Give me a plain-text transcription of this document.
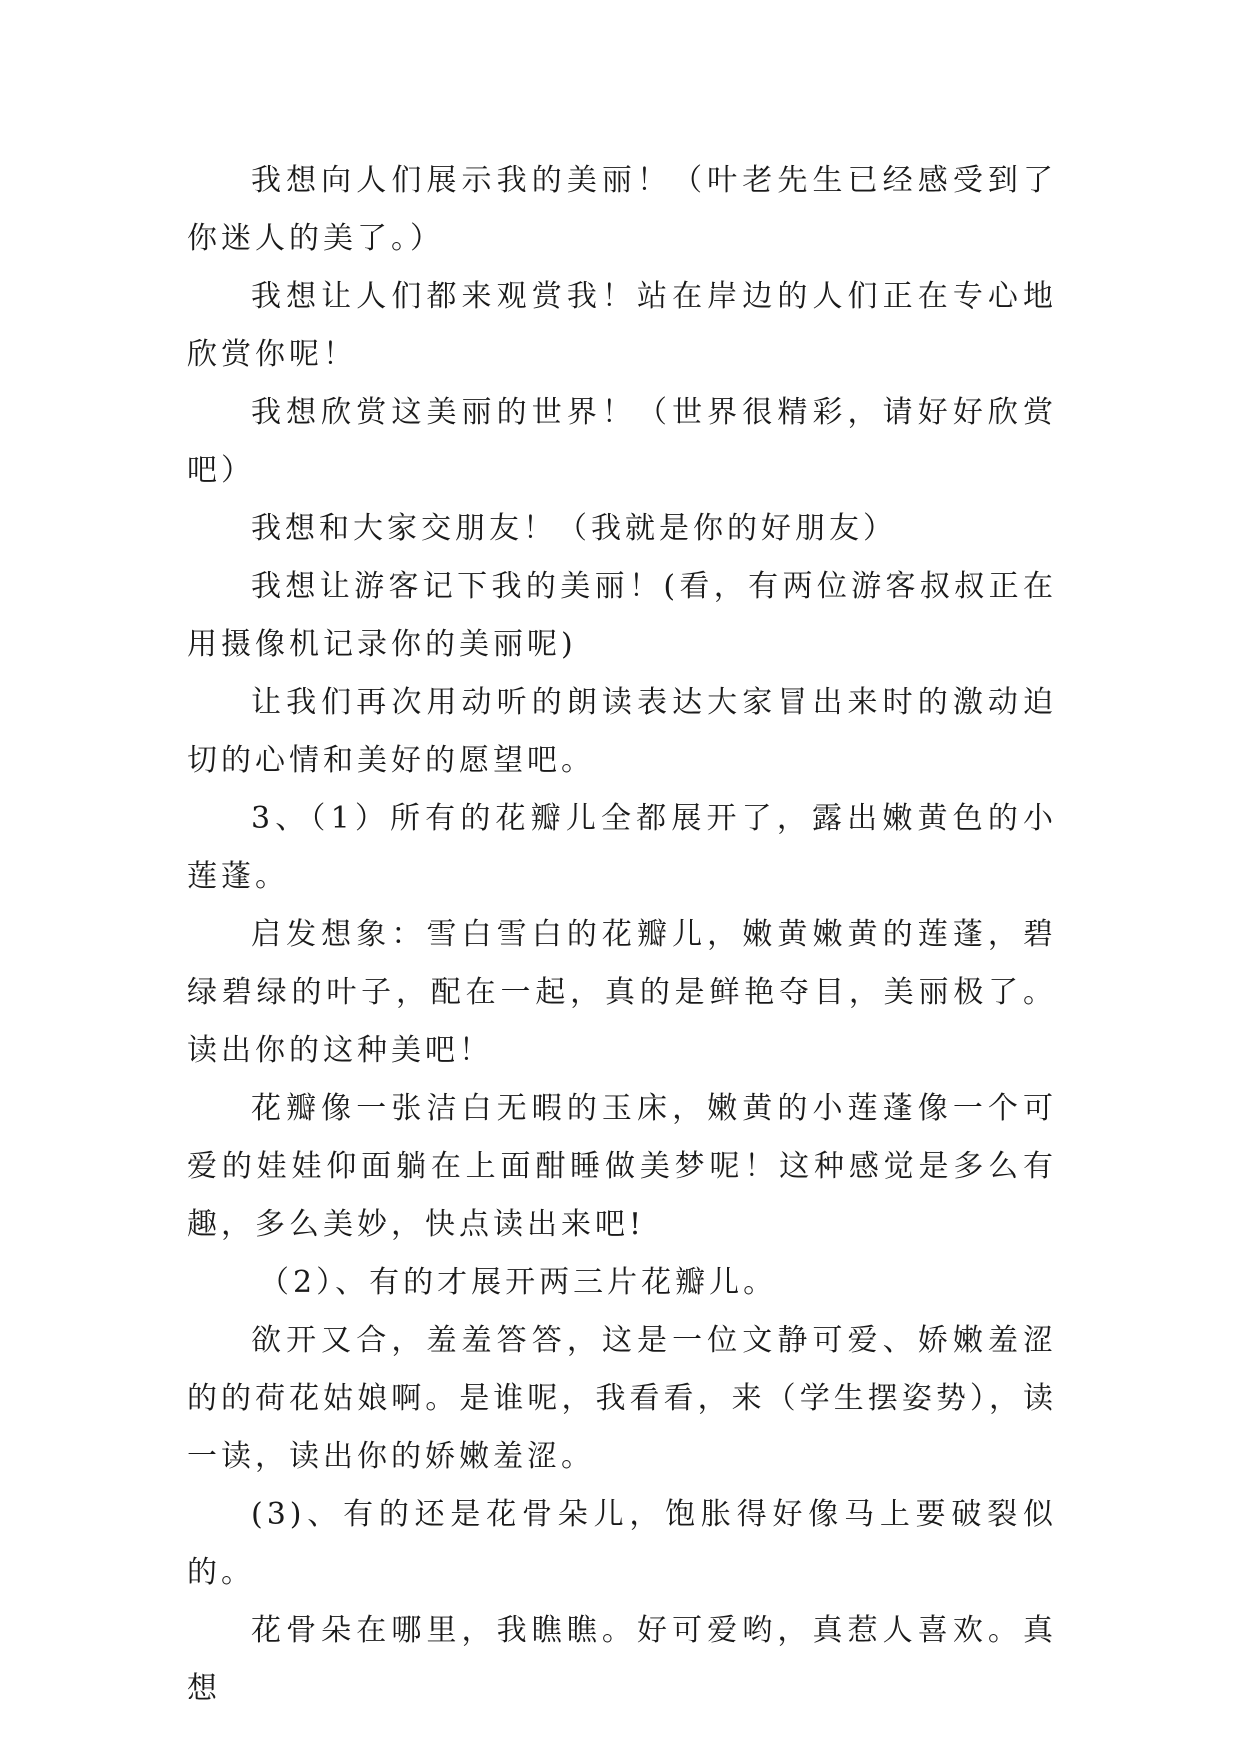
我想向人们展示我的美丽！（叶老先生已经感受到了你迷人的美了。）

我想让人们都来观赏我！站在岸边的人们正在专心地欣赏你呢！

我想欣赏这美丽的世界！（世界很精彩，请好好欣赏吧）

我想和大家交朋友！（我就是你的好朋友）

我想让游客记下我的美丽！(看，有两位游客叔叔正在用摄像机记录你的美丽呢)

让我们再次用动听的朗读表达大家冒出来时的激动迫切的心情和美好的愿望吧。

3、（1）所有的花瓣儿全都展开了，露出嫩黄色的小莲蓬。

启发想象：雪白雪白的花瓣儿，嫩黄嫩黄的莲蓬，碧绿碧绿的叶子，配在一起，真的是鲜艳夺目，美丽极了。读出你的这种美吧！

花瓣像一张洁白无暇的玉床，嫩黄的小莲蓬像一个可爱的娃娃仰面躺在上面酣睡做美梦呢！这种感觉是多么有趣，多么美妙，快点读出来吧!

（2）、有的才展开两三片花瓣儿。

欲开又合，羞羞答答，这是一位文静可爱、娇嫩羞涩的的荷花姑娘啊。是谁呢，我看看，来（学生摆姿势），读一读，读出你的娇嫩羞涩。

(3)、有的还是花骨朵儿，饱胀得好像马上要破裂似的。

花骨朵在哪里，我瞧瞧。好可爱哟，真惹人喜欢。真想
